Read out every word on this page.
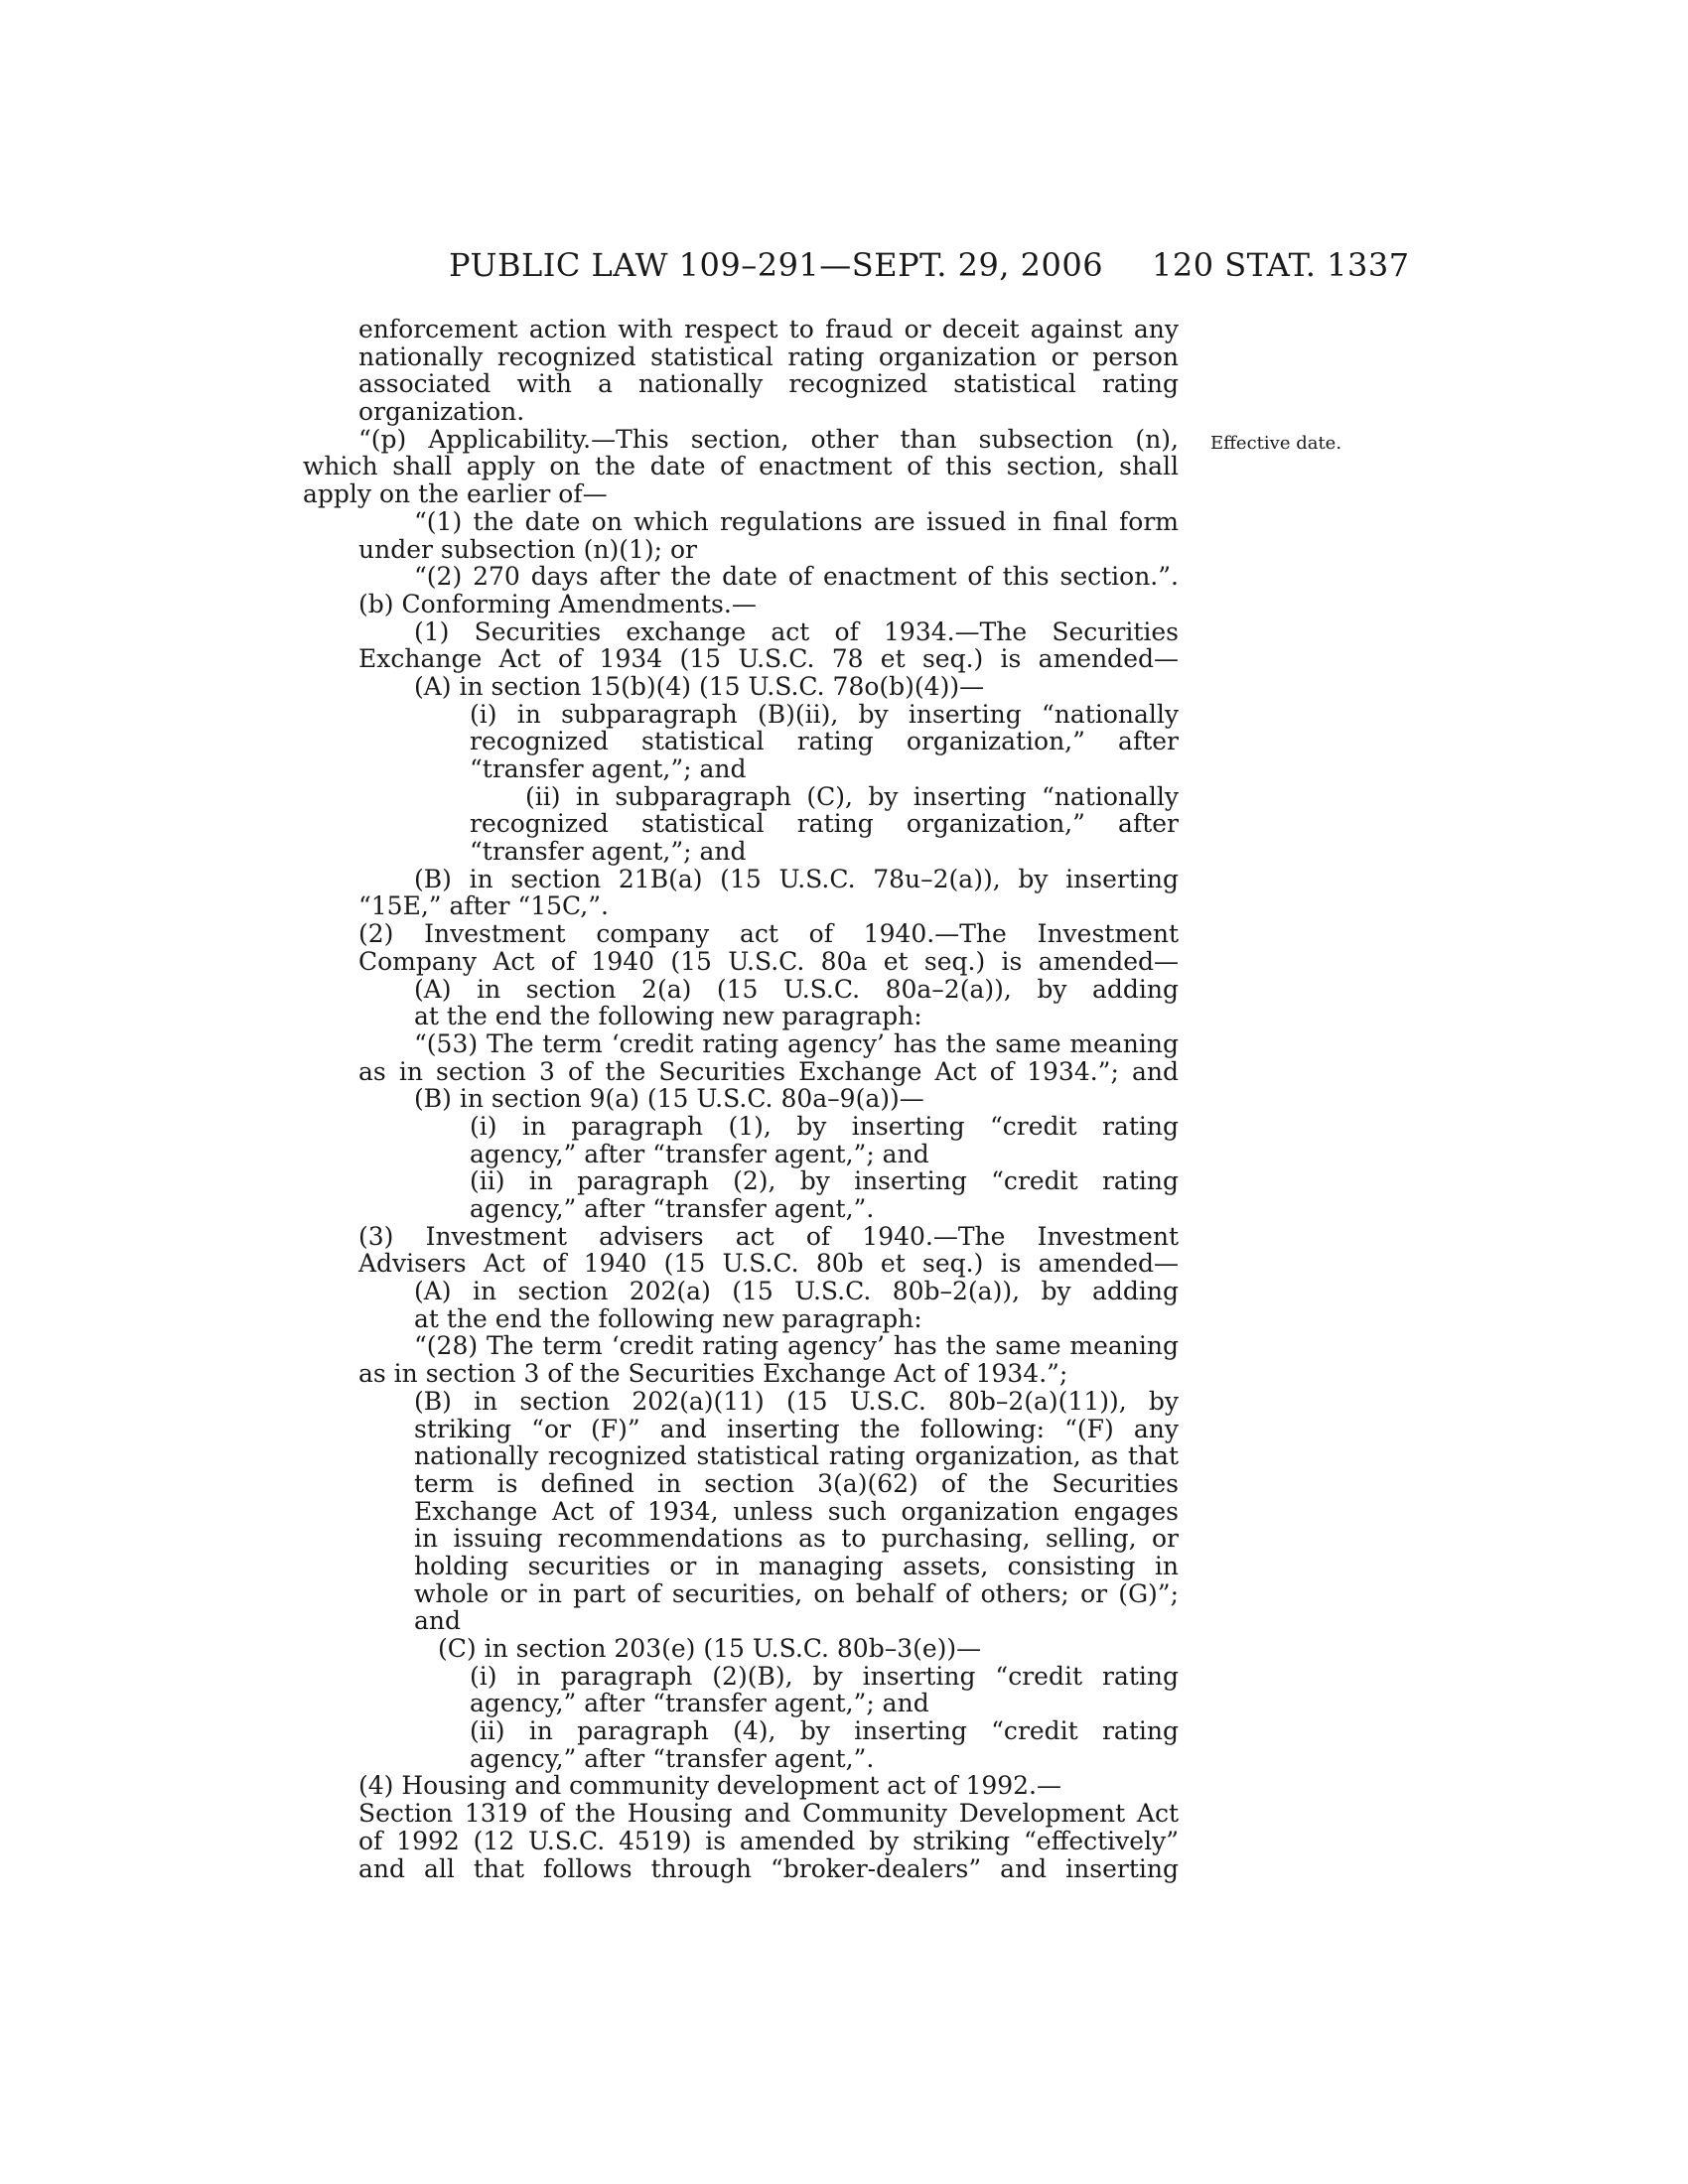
PUBLIC LAW 109–291—SEPT. 29, 2006 120 STAT. 1337
Effective date.
enforcement action with respect to fraud or deceit against any
nationally recognized statistical rating organization or person
associated with a nationally recognized statistical rating
organization.
“(p) Applicability.—This section, other than subsection (n),
which shall apply on the date of enactment of this section, shall
apply on the earlier of—
“(1) the date on which regulations are issued in final form
under subsection (n)(1); or
“(2) 270 days after the date of enactment of this section.”.
(b) Conforming Amendments.—
(1) Securities exchange act of 1934.—The Securities
Exchange Act of 1934 (15 U.S.C. 78 et seq.) is amended—
(A) in section 15(b)(4) (15 U.S.C. 78o(b)(4))—
(i) in subparagraph (B)(ii), by inserting “nationally
recognized statistical rating organization,” after
“transfer agent,”; and
(ii) in subparagraph (C), by inserting “nationally
recognized statistical rating organization,” after
“transfer agent,”; and
(B) in section 21B(a) (15 U.S.C. 78u–2(a)), by inserting
“15E,” after “15C,”.
(2) Investment company act of 1940.—The Investment
Company Act of 1940 (15 U.S.C. 80a et seq.) is amended—
(A) in section 2(a) (15 U.S.C. 80a–2(a)), by adding
at the end the following new paragraph:
“(53) The term ‘credit rating agency’ has the same meaning
as in section 3 of the Securities Exchange Act of 1934.”; and
(B) in section 9(a) (15 U.S.C. 80a–9(a))—
(i) in paragraph (1), by inserting “credit rating
agency,” after “transfer agent,”; and
(ii) in paragraph (2), by inserting “credit rating
agency,” after “transfer agent,”.
(3) Investment advisers act of 1940.—The Investment
Advisers Act of 1940 (15 U.S.C. 80b et seq.) is amended—
(A) in section 202(a) (15 U.S.C. 80b–2(a)), by adding
at the end the following new paragraph:
“(28) The term ‘credit rating agency’ has the same meaning
as in section 3 of the Securities Exchange Act of 1934.”;
(B) in section 202(a)(11) (15 U.S.C. 80b–2(a)(11)), by
striking “or (F)” and inserting the following: “(F) any
nationally recognized statistical rating organization, as that
term is defined in section 3(a)(62) of the Securities
Exchange Act of 1934, unless such organization engages
in issuing recommendations as to purchasing, selling, or
holding securities or in managing assets, consisting in
whole or in part of securities, on behalf of others; or (G)”;
and
(C) in section 203(e) (15 U.S.C. 80b–3(e))—
(i) in paragraph (2)(B), by inserting “credit rating
agency,” after “transfer agent,”; and
(ii) in paragraph (4), by inserting “credit rating
agency,” after “transfer agent,”.
(4) Housing and community development act of 1992.—
Section 1319 of the Housing and Community Development Act
of 1992 (12 U.S.C. 4519) is amended by striking “effectively”
and all that follows through “broker-dealers” and inserting
